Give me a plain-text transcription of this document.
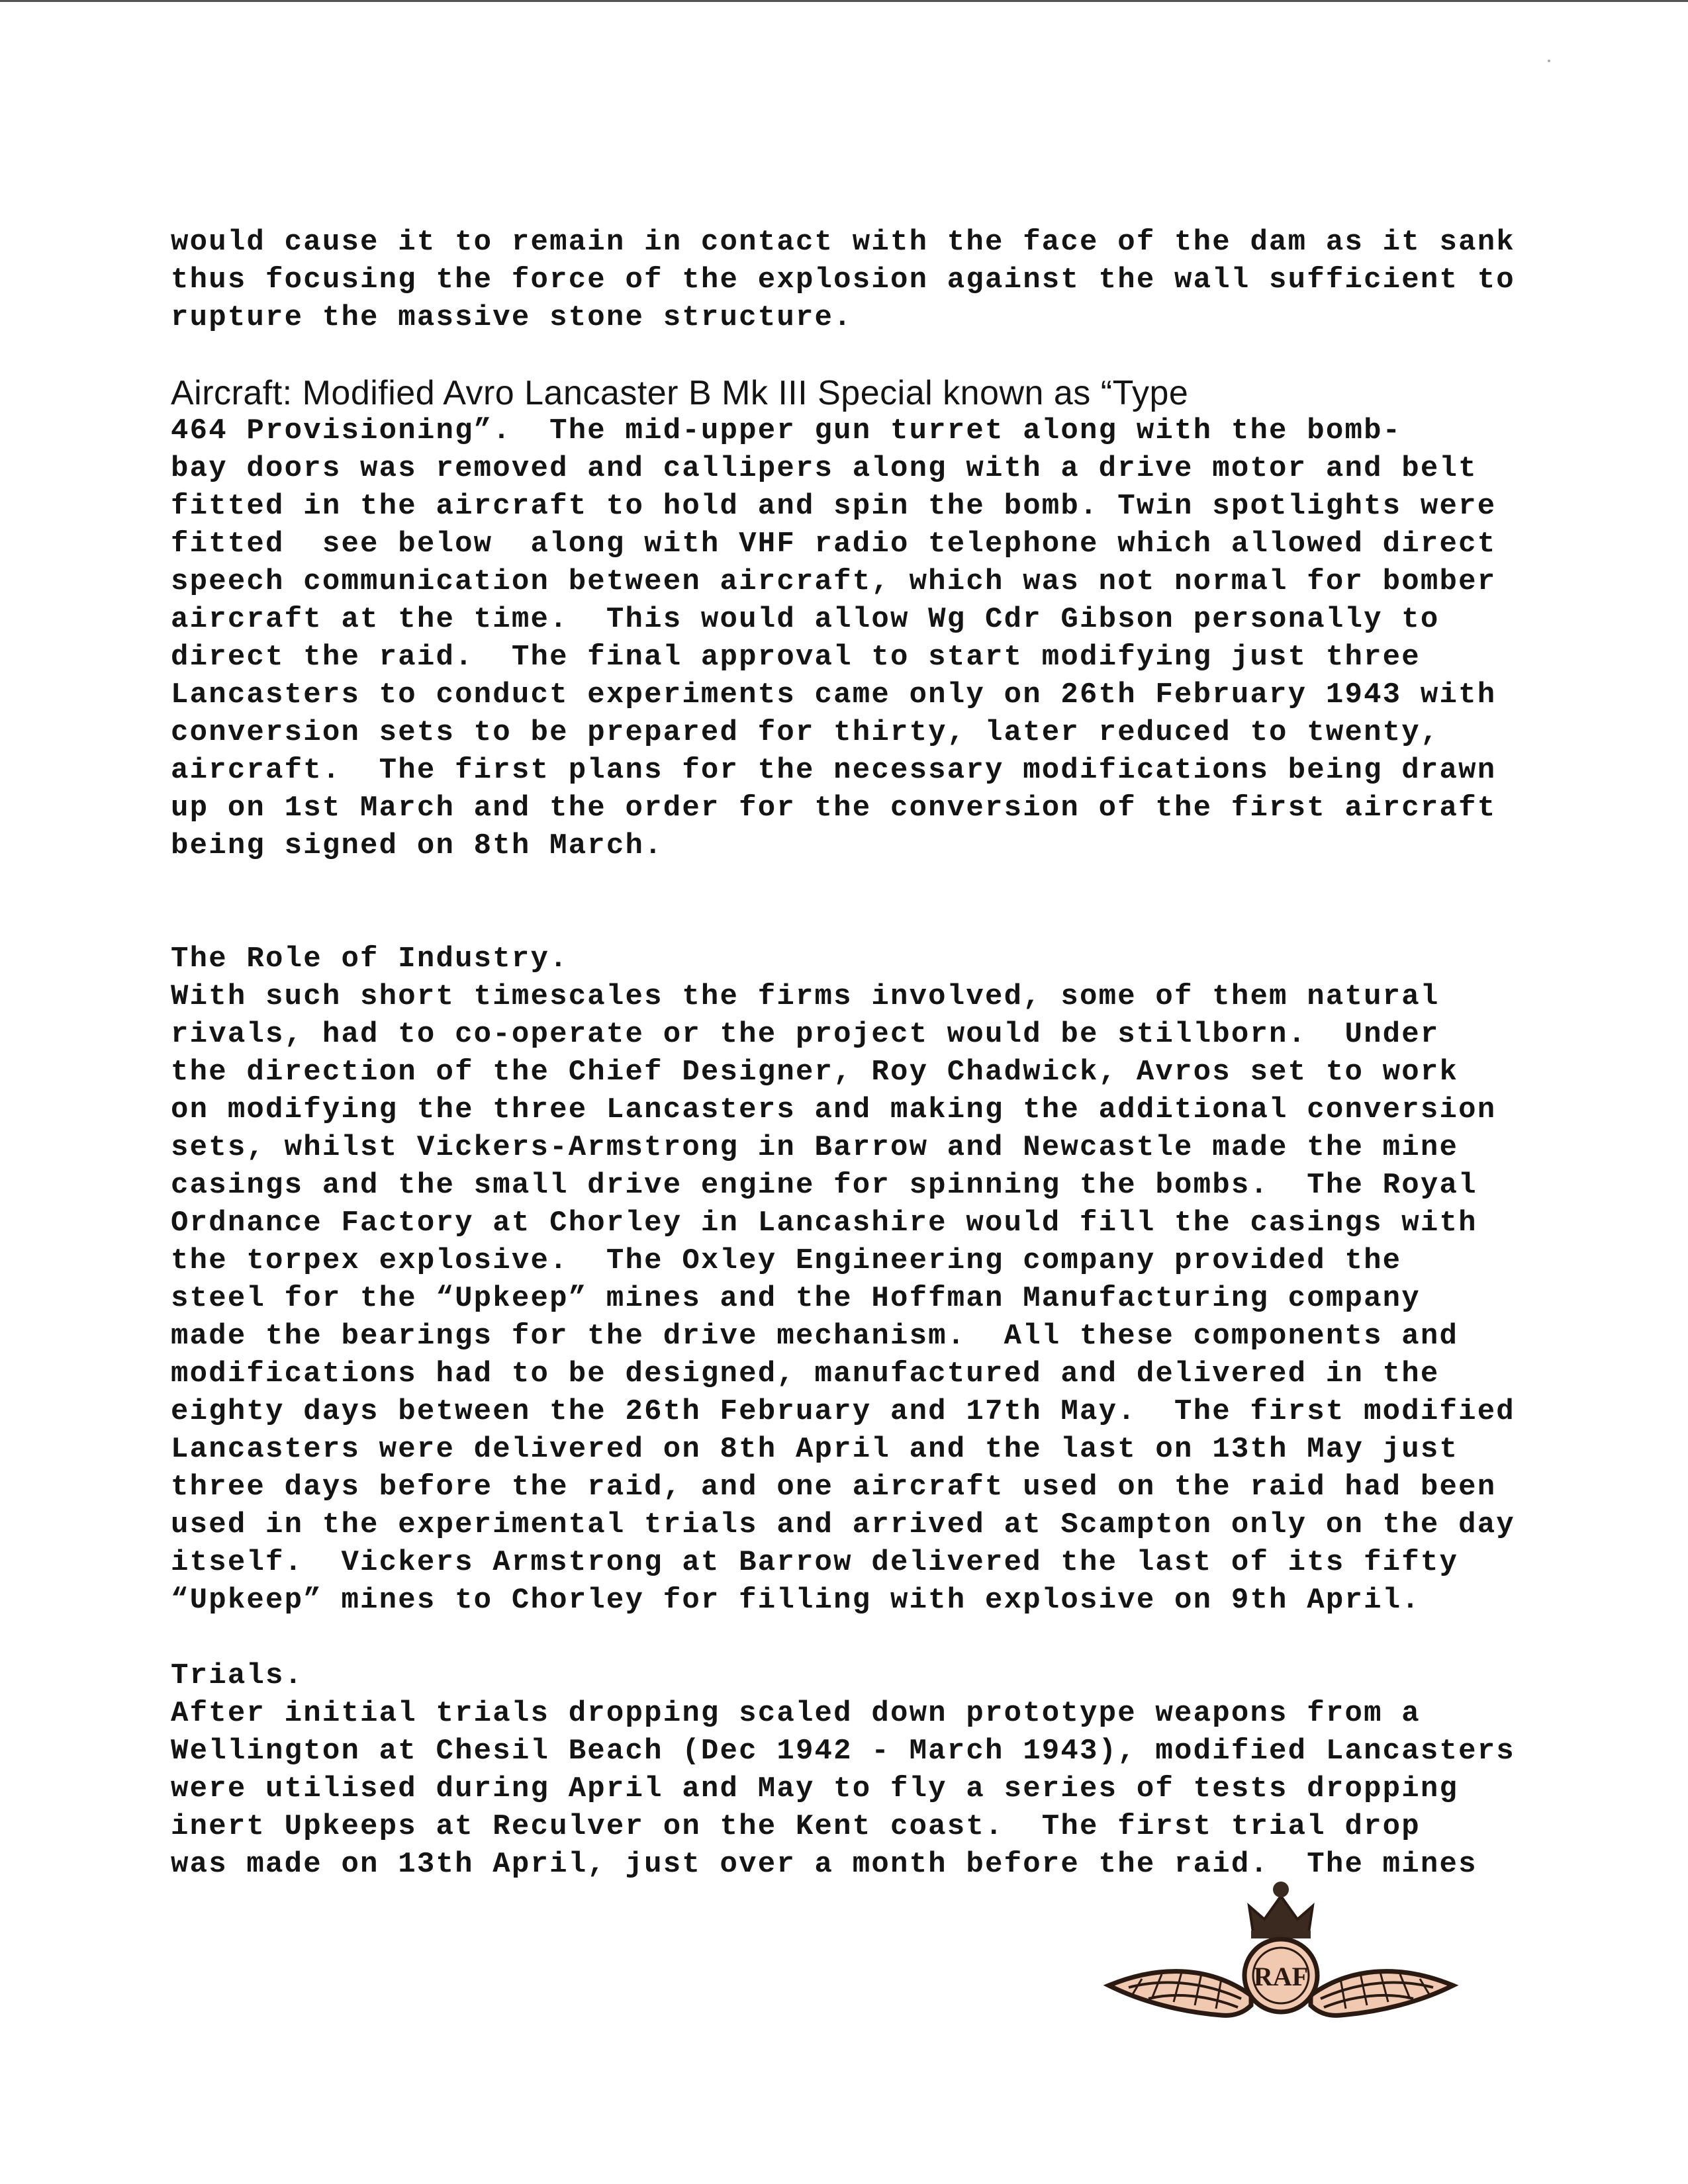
would cause it to remain in contact with the face of the dam as it sank
thus focusing the force of the explosion against the wall sufficient to
rupture the massive stone structure.
Aircraft: Modified Avro Lancaster B Mk III Special known as “Type
464 Provisioning”.  The mid-upper gun turret along with the bomb-
bay doors was removed and callipers along with a drive motor and belt
fitted in the aircraft to hold and spin the bomb. Twin spotlights were
fitted  see below  along with VHF radio telephone which allowed direct
speech communication between aircraft, which was not normal for bomber
aircraft at the time.  This would allow Wg Cdr Gibson personally to
direct the raid.  The final approval to start modifying just three
Lancasters to conduct experiments came only on 26th February 1943 with
conversion sets to be prepared for thirty, later reduced to twenty,
aircraft.  The first plans for the necessary modifications being drawn
up on 1st March and the order for the conversion of the first aircraft
being signed on 8th March.
The Role of Industry.
With such short timescales the firms involved, some of them natural
rivals, had to co-operate or the project would be stillborn.  Under
the direction of the Chief Designer, Roy Chadwick, Avros set to work
on modifying the three Lancasters and making the additional conversion
sets, whilst Vickers-Armstrong in Barrow and Newcastle made the mine
casings and the small drive engine for spinning the bombs.  The Royal
Ordnance Factory at Chorley in Lancashire would fill the casings with
the torpex explosive.  The Oxley Engineering company provided the
steel for the “Upkeep” mines and the Hoffman Manufacturing company
made the bearings for the drive mechanism.  All these components and
modifications had to be designed, manufactured and delivered in the
eighty days between the 26th February and 17th May.  The first modified
Lancasters were delivered on 8th April and the last on 13th May just
three days before the raid, and one aircraft used on the raid had been
used in the experimental trials and arrived at Scampton only on the day
itself.  Vickers Armstrong at Barrow delivered the last of its fifty
“Upkeep” mines to Chorley for filling with explosive on 9th April.
Trials.
After initial trials dropping scaled down prototype weapons from a
Wellington at Chesil Beach (Dec 1942 - March 1943), modified Lancasters
were utilised during April and May to fly a series of tests dropping
inert Upkeeps at Reculver on the Kent coast.  The first trial drop
was made on 13th April, just over a month before the raid.  The mines
RAF
